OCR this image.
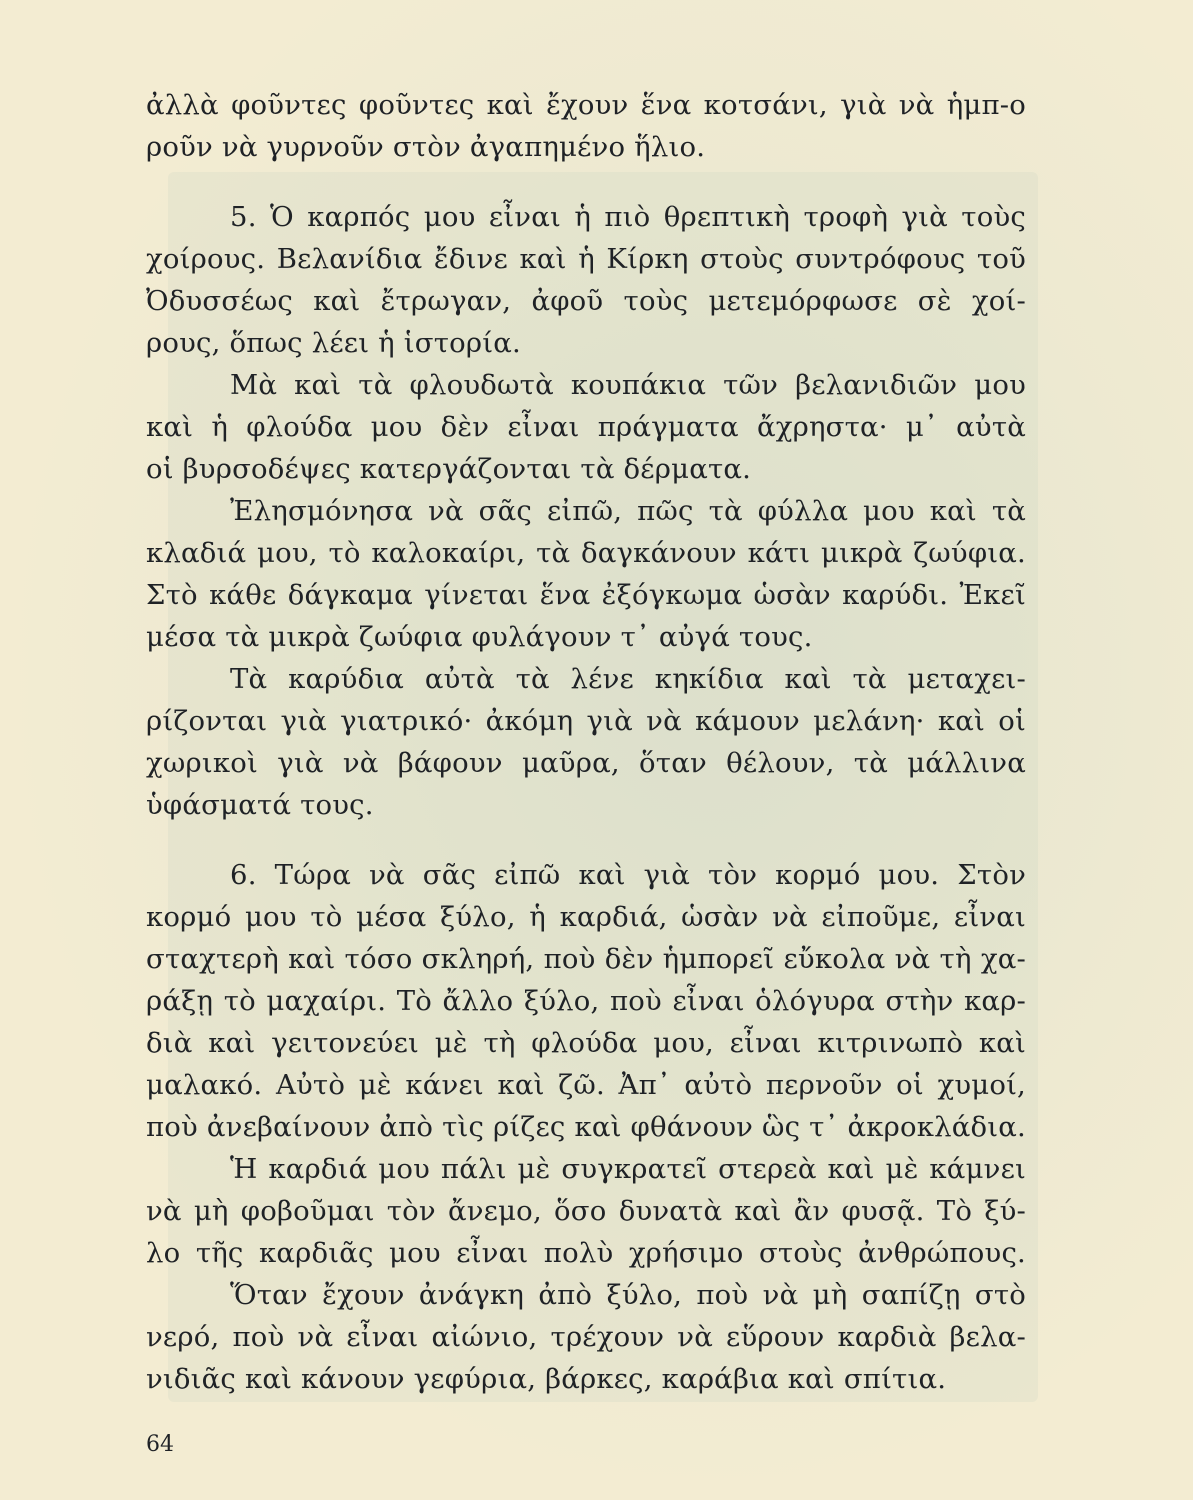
ἀλλὰ φοῦντες φοῦντες καὶ ἔχουν ἕνα κοτσάνι, γιὰ νὰ ἡμπ-ο
ροῦν νὰ γυρνοῦν στὸν ἀγαπημένο ἥλιο.
5. Ὁ καρπός μου εἶναι ἡ πιὸ θρεπτικὴ τροφὴ γιὰ τοὺς
χοίρους. Βελανίδια ἔδινε καὶ ἡ Κίρκη στοὺς συντρόφους τοῦ
Ὀδυσσέως καὶ ἔτρωγαν, ἀφοῦ τοὺς μετεμόρφωσε σὲ χοί-
ρους, ὅπως λέει ἡ ἱστορία.
Μὰ καὶ τὰ φλουδωτὰ κουπάκια τῶν βελανιδιῶν μου
καὶ ἡ φλούδα μου δὲν εἶναι πράγματα ἄχρηστα· μ᾿ αὐτὰ
οἱ βυρσοδέψες κατεργάζονται τὰ δέρματα.
Ἐλησμόνησα νὰ σᾶς εἰπῶ, πῶς τὰ φύλλα μου καὶ τὰ
κλαδιά μου, τὸ καλοκαίρι, τὰ δαγκάνουν κάτι μικρὰ ζωύφια.
Στὸ κάθε δάγκαμα γίνεται ἕνα ἐξόγκωμα ὡσὰν καρύδι. Ἐκεῖ
μέσα τὰ μικρὰ ζωύφια φυλάγουν τ᾿ αὐγά τους.
Τὰ καρύδια αὐτὰ τὰ λένε κηκίδια καὶ τὰ μεταχει-
ρίζονται γιὰ γιατρικό· ἀκόμη γιὰ νὰ κάμουν μελάνη· καὶ οἱ
χωρικοὶ γιὰ νὰ βάφουν μαῦρα, ὅταν θέλουν, τὰ μάλλινα
ὑφάσματά τους.
6. Τώρα νὰ σᾶς εἰπῶ καὶ γιὰ τὸν κορμό μου. Στὸν
κορμό μου τὸ μέσα ξύλο, ἡ καρδιά, ὡσὰν νὰ εἰποῦμε, εἶναι
σταχτερὴ καὶ τόσο σκληρή, ποὺ δὲν ἡμπορεῖ εὔκολα νὰ τὴ χα-
ράξῃ τὸ μαχαίρι. Τὸ ἄλλο ξύλο, ποὺ εἶναι ὁλόγυρα στὴν καρ-
διὰ καὶ γειτονεύει μὲ τὴ φλούδα μου, εἶναι κιτρινωπὸ καὶ
μαλακό. Αὐτὸ μὲ κάνει καὶ ζῶ. Ἀπ᾿ αὐτὸ περνοῦν οἱ χυμοί,
ποὺ ἀνεβαίνουν ἀπὸ τὶς ρίζες καὶ φθάνουν ὣς τ᾿ ἀκροκλάδια.
Ἡ καρδιά μου πάλι μὲ συγκρατεῖ στερεὰ καὶ μὲ κάμνει
νὰ μὴ φοβοῦμαι τὸν ἄνεμο, ὅσο δυνατὰ καὶ ἂν φυσᾷ. Τὸ ξύ-
λο τῆς καρδιᾶς μου εἶναι πολὺ χρήσιμο στοὺς ἀνθρώπους.
Ὅταν ἔχουν ἀνάγκη ἀπὸ ξύλο, ποὺ νὰ μὴ σαπίζῃ στὸ
νερό, ποὺ νὰ εἶναι αἰώνιο, τρέχουν νὰ εὕρουν καρδιὰ βελα-
νιδιᾶς καὶ κάνουν γεφύρια, βάρκες, καράβια καὶ σπίτια.
64
